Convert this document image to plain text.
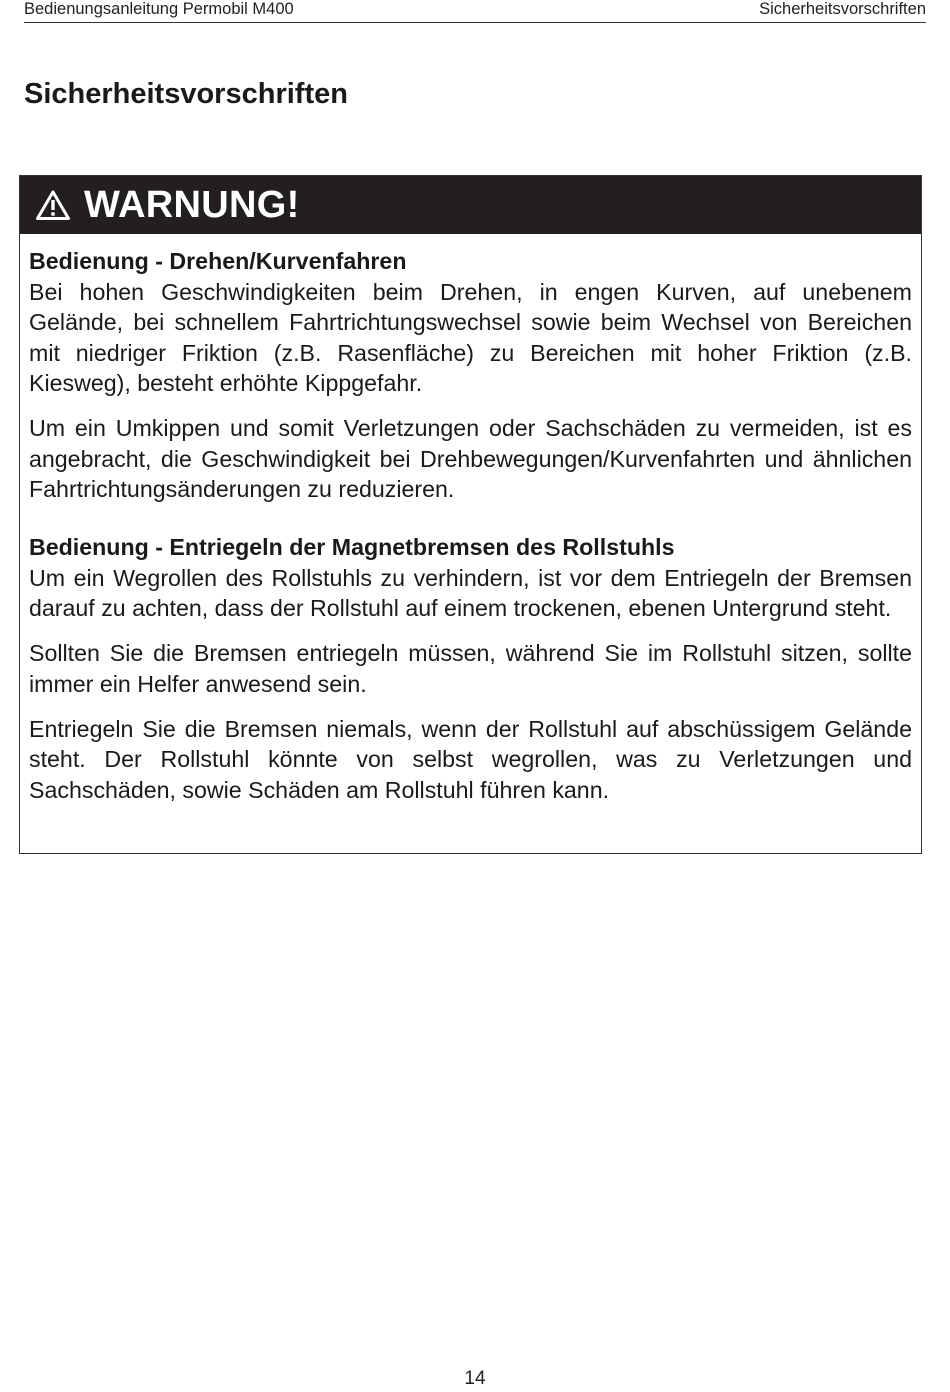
Bedienungsanleitung Permobil M400	Sicherheitsvorschriften
Sicherheitsvorschriften
WARNUNG!

Bedienung - Drehen/Kurvenfahren

Bei hohen Geschwindigkeiten beim Drehen, in engen Kurven, auf unebenem Gelände, bei schnellem Fahrtrichtungswechsel sowie beim Wechsel von Bereichen mit niedriger Friktion (z.B. Rasenfläche) zu Bereichen mit hoher Friktion (z.B. Kiesweg), besteht erhöhte Kippgefahr.

Um ein Umkippen und somit Verletzungen oder Sachschäden zu vermeiden, ist es angebracht, die Geschwindigkeit bei Drehbewegungen/Kurvenfahrten und ähnlichen Fahrtrichtungsänderungen zu reduzieren.

Bedienung - Entriegeln der Magnetbremsen des Rollstuhls

Um ein Wegrollen des Rollstuhls zu verhindern, ist vor dem Entriegeln der Bremsen darauf zu achten, dass der Rollstuhl auf einem trockenen, ebenen Untergrund steht.

Sollten Sie die Bremsen entriegeln müssen, während Sie im Rollstuhl sitzen, sollte immer ein Helfer anwesend sein.

Entriegeln Sie die Bremsen niemals, wenn der Rollstuhl auf abschüssigem Gelände steht. Der Rollstuhl könnte von selbst wegrollen, was zu Verletzungen und Sachschäden, sowie Schäden am Rollstuhl führen kann.

14
